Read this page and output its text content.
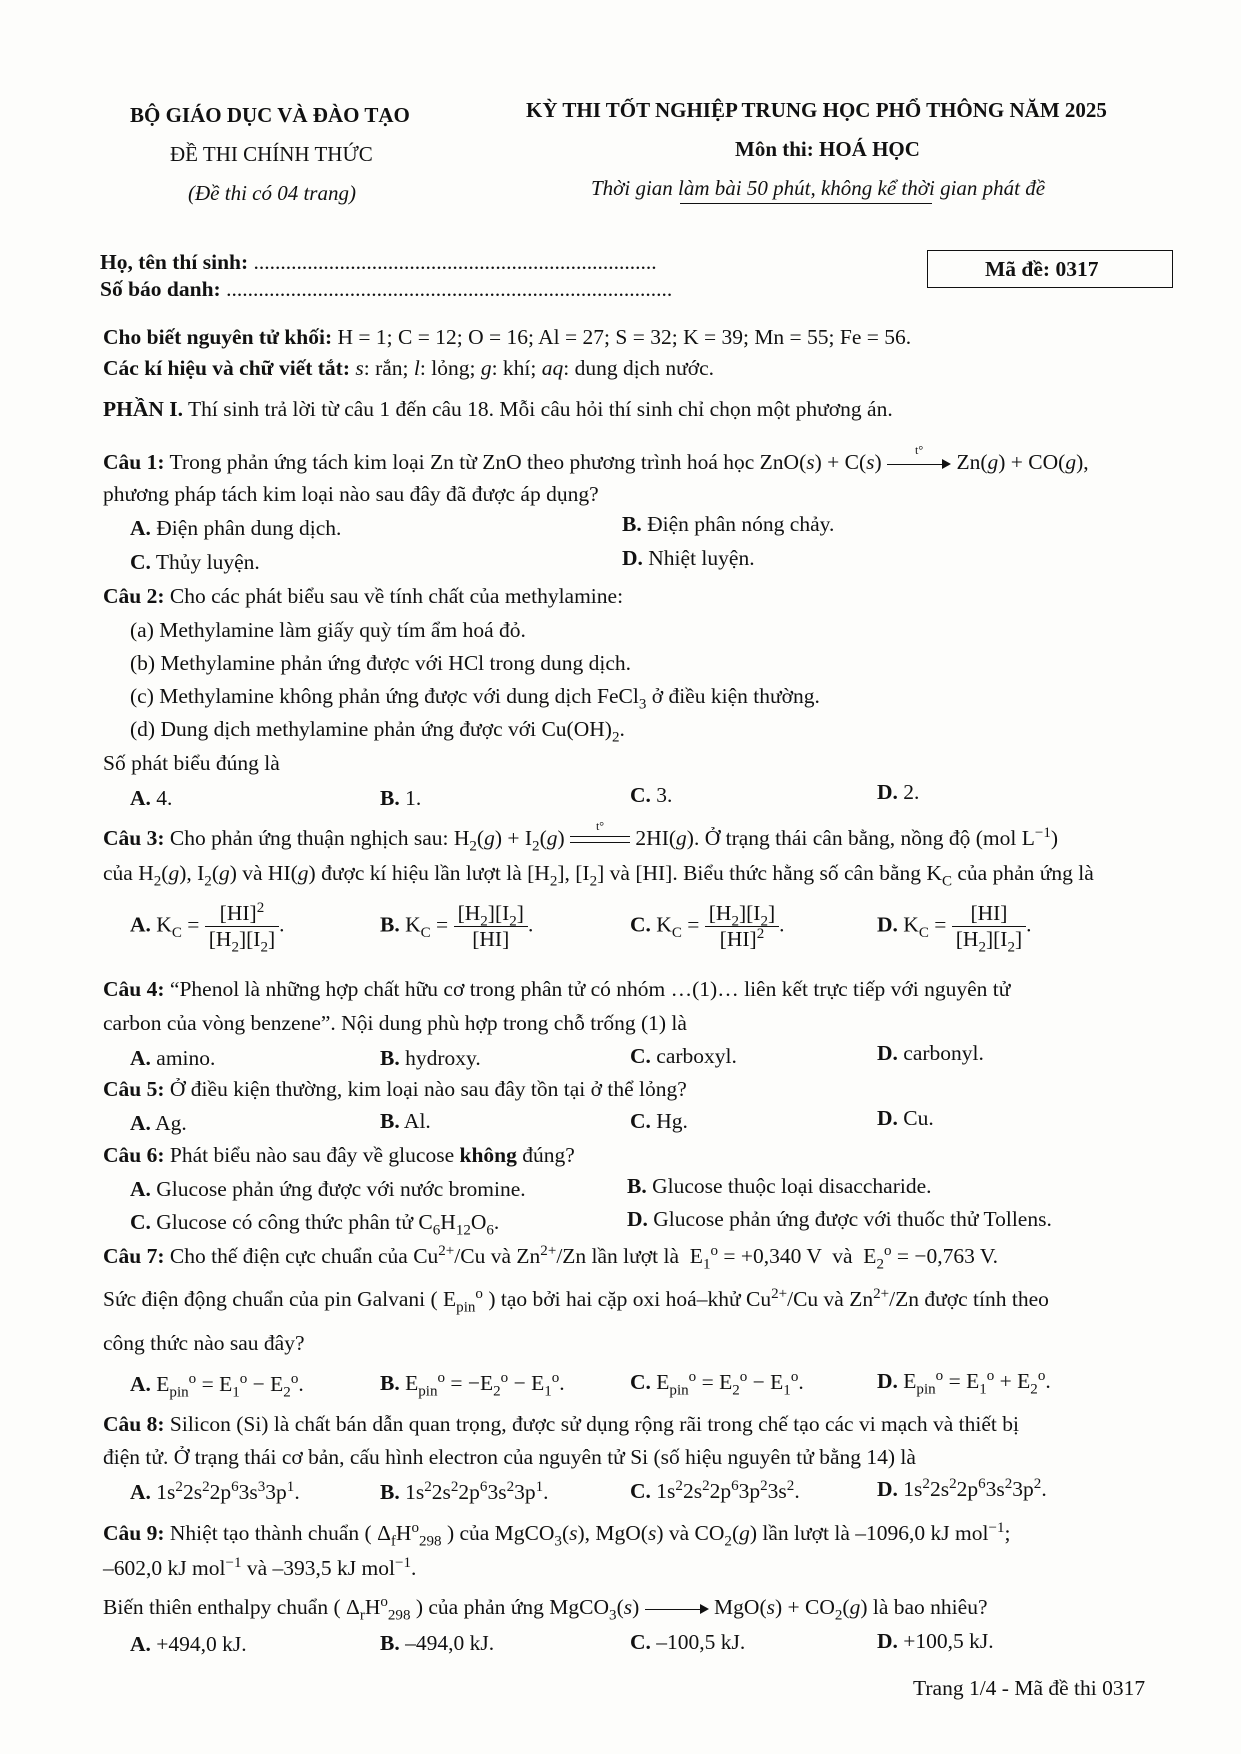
BỘ GIÁO DỤC VÀ ĐÀO TẠO
ĐỀ THI CHÍNH THỨC
(Đề thi có 04 trang)
KỲ THI TỐT NGHIỆP TRUNG HỌC PHỔ THÔNG NĂM 2025
Môn thi: HOÁ HỌC
Thời gian làm bài 50 phút, không kể thời gian phát đề
Họ, tên thí sinh: ...........................................................................
Số báo danh: ...................................................................................
Mã đề: 0317
Cho biết nguyên tử khối: H = 1; C = 12; O = 16; Al = 27; S = 32; K = 39; Mn = 55; Fe = 56.
Các kí hiệu và chữ viết tắt: s: rắn; l: lỏng; g: khí; aq: dung dịch nước.
PHẦN I. Thí sinh trả lời từ câu 1 đến câu 18. Mỗi câu hỏi thí sinh chỉ chọn một phương án.
Câu 1: Trong phản ứng tách kim loại Zn từ ZnO theo phương trình hoá học ZnO(s) + C(s)	t°	Zn(g) + CO(g),
phương pháp tách kim loại nào sau đây đã được áp dụng?
A. Điện phân dung dịch.	B. Điện phân nóng chảy.
C. Thủy luyện.	D. Nhiệt luyện.
Câu 2: Cho các phát biểu sau về tính chất của methylamine:
(a) Methylamine làm giấy quỳ tím ẩm hoá đỏ.
(b) Methylamine phản ứng được với HCl trong dung dịch.
(c) Methylamine không phản ứng được với dung dịch FeCl$_3$ ở điều kiện thường.
(d) Dung dịch methylamine phản ứng được với $Cu(OH)_2$.
Số phát biểu đúng là
A. 4.	B. 1.	C. 3.	D. 2.
Câu 3: Cho phản ứng thuận nghịch sau: $H_2(g) + I_2(g)$	t°	2HI(g). Ở trạng thái cân bằng, nồng độ (mol $L^{-1}$)
của $H_2(g)$, $I_2(g)$ và HI(g) được kí hiệu lần lượt là $[H_2]$, $[I_2]$ và [HI]. Biểu thức hằng số cân bằng $K_C$ của phản ứng là
A. $K_C = \frac{[HI]^2}{[H_2][I_2]}$ .	B. $K_C = \frac{[H_2][I_2]}{[HI]}$ .	C. $K_C = \frac{[H_2][I_2]}{[HI]^2}$ .	D. $K_C = \frac{[HI]}{[H_2][I_2]}$ .
Câu 4: “Phenol là những hợp chất hữu cơ trong phân tử có nhóm …(1)… liên kết trực tiếp với nguyên tử
carbon của vòng benzene”. Nội dung phù hợp trong chỗ trống (1) là
A. amino.	B. hydroxy.	C. carboxyl.	D. carbonyl.
Câu 5: Ở điều kiện thường, kim loại nào sau đây tồn tại ở thể lỏng?
A. Ag.	B. Al.	C. Hg.	D. Cu.
Câu 6: Phát biểu nào sau đây về glucose không đúng?
A. Glucose phản ứng được với nước bromine.	B. Glucose thuộc loại disaccharide.
C. Glucose có công thức phân tử $C_6H_{12}O_6$.	D. Glucose phản ứng được với thuốc thử Tollens.
Câu 7: Cho thế điện cực chuẩn của $Cu^{2+}/Cu$ và $Zn^{2+}/Zn$ lần lượt là  $E_1^o = +0,340$ V  và  $E_2^o = -0,763$ V.
Sức điện động chuẩn của pin Galvani ( $E_{pin}^o$ ) tạo bởi hai cặp oxi hoá–khử $Cu^{2+}/Cu$ và $Zn^{2+}/Zn$ được tính theo
công thức nào sau đây?
A. $E_{pin}^o = E_1^o - E_2^o$.	B. $E_{pin}^o = -E_2^o - E_1^o$.	C. $E_{pin}^o = E_2^o - E_1^o$.	D. $E_{pin}^o = E_1^o + E_2^o$.
Câu 8: Silicon (Si) là chất bán dẫn quan trọng, được sử dụng rộng rãi trong chế tạo các vi mạch và thiết bị
điện tử. Ở trạng thái cơ bản, cấu hình electron của nguyên tử Si (số hiệu nguyên tử bằng 14) là
A. $1s^22s^22p^63s^33p^1$.	B. $1s^22s^22p^63s^23p^1$.	C. $1s^22s^22p^63p^23s^2$.	D. $1s^22s^22p^63s^23p^2$.
Câu 9: Nhiệt tạo thành chuẩn ( $\Delta_fH^o_{298}$ ) của MgCO$_3$(s), MgO(s) và $CO_2(g)$ lần lượt là –1096,0 kJ mol$^{-1}$;
–602,0 kJ mol$^{-1}$ và –393,5 kJ mol$^{-1}$.
Biến thiên enthalpy chuẩn ( $\Delta_rH^o_{298}$ ) của phản ứng MgCO$_3$(s)	$MgO(s) + CO_2(g)$ là bao nhiêu?
A. +494,0 kJ.	B. –494,0 kJ.	C. –100,5 kJ.	D. +100,5 kJ.
Trang 1/4 - Mã đề thi 0317
